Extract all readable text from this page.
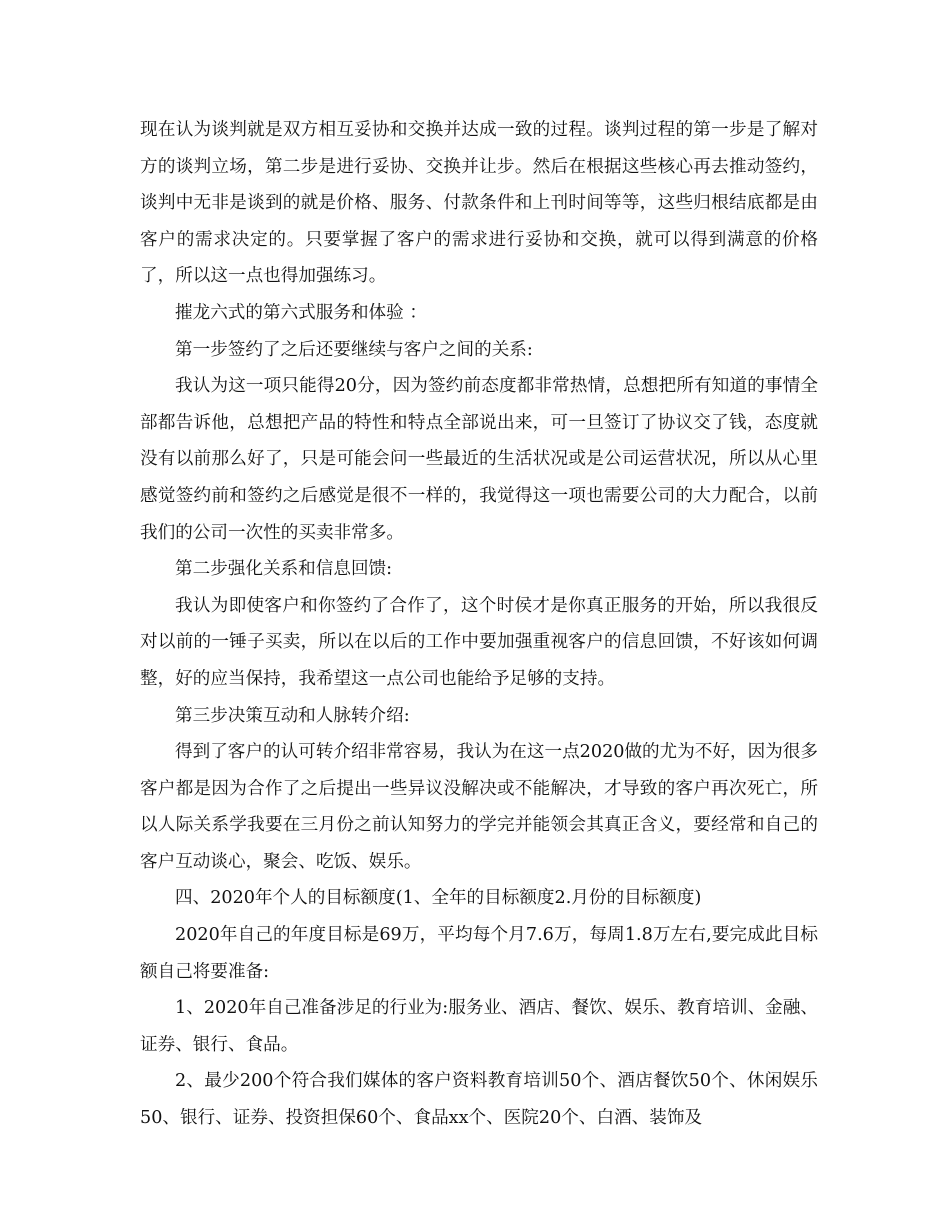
现在认为谈判就是双方相互妥协和交换并达成一致的过程。谈判过程的第一步是了解对方的谈判立场，第二步是进行妥协、交换并让步。然后在根据这些核心再去推动签约，谈判中无非是谈到的就是价格、服务、付款条件和上刊时间等等，这些归根结底都是由客户的需求决定的。只要掌握了客户的需求进行妥协和交换，就可以得到满意的价格了，所以这一点也得加强练习。

摧龙六式的第六式服务和体验 ：

第一步签约了之后还要继续与客户之间的关系:

我认为这一项只能得20分，因为签约前态度都非常热情，总想把所有知道的事情全部都告诉他，总想把产品的特性和特点全部说出来，可一旦签订了协议交了钱，态度就没有以前那么好了，只是可能会问一些最近的生活状况或是公司运营状况，所以从心里感觉签约前和签约之后感觉是很不一样的，我觉得这一项也需要公司的大力配合，以前我们的公司一次性的买卖非常多。

第二步强化关系和信息回馈:

我认为即使客户和你签约了合作了，这个时侯才是你真正服务的开始，所以我很反对以前的一锤子买卖，所以在以后的工作中要加强重视客户的信息回馈，不好该如何调整，好的应当保持，我希望这一点公司也能给予足够的支持。

第三步决策互动和人脉转介绍:

得到了客户的认可转介绍非常容易，我认为在这一点2020做的尤为不好，因为很多客户都是因为合作了之后提出一些异议没解决或不能解决，才导致的客户再次死亡，所以人际关系学我要在三月份之前认知努力的学完并能领会其真正含义，要经常和自己的客户互动谈心，聚会、吃饭、娱乐。

四、2020年个人的目标额度(1、全年的目标额度2.月份的目标额度)

2020年自己的年度目标是69万，平均每个月7.6万，每周1.8万左右,要完成此目标额自己将要准备:

1、2020年自己准备涉足的行业为:服务业、酒店、餐饮、娱乐、教育培训、金融、证券、银行、食品。

2、最少200个符合我们媒体的客户资料教育培训50个、酒店餐饮50个、休闲娱乐50、银行、证券、投资担保60个、食品xx个、医院20个、白酒、装饰及
